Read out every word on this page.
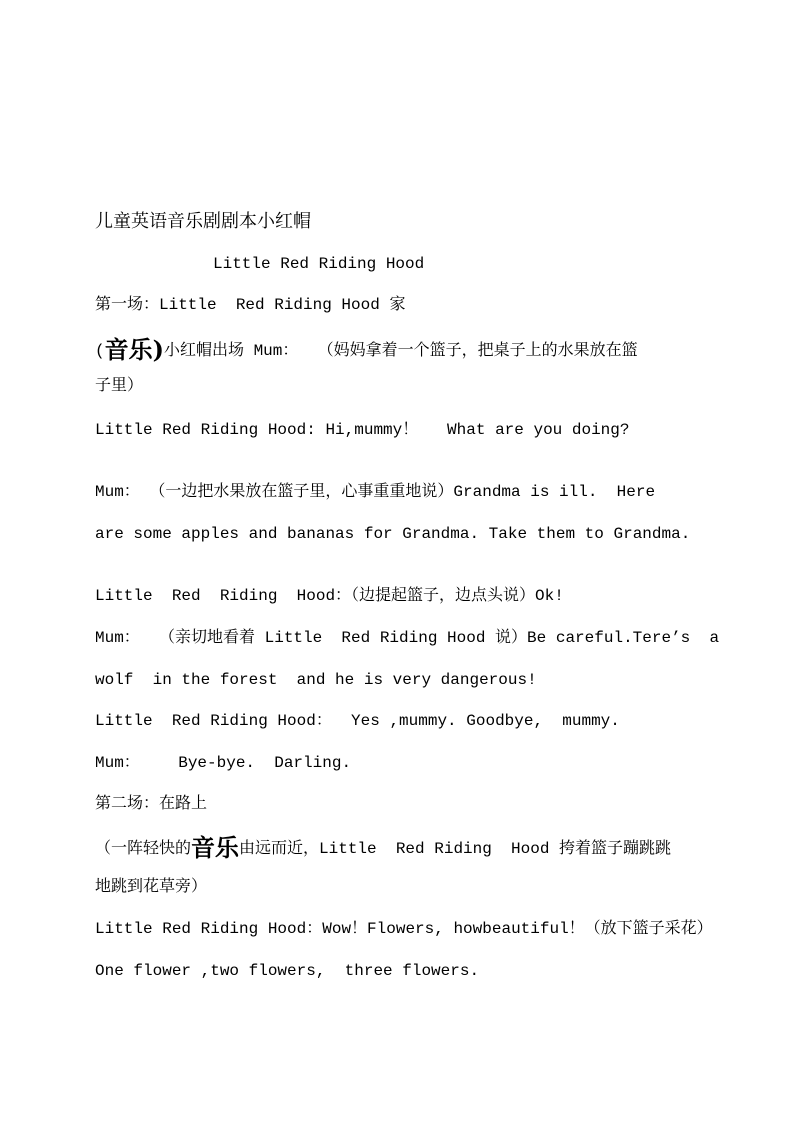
儿童英语音乐剧剧本小红帽
Little Red Riding Hood
第一场：Little  Red Riding Hood 家
(音乐)小红帽出场 Mum：  （妈妈拿着一个篮子，把桌子上的水果放在篮
子里）
Little Red Riding Hood: Hi,mummy！   What are you doing?
Mum： （一边把水果放在篮子里，心事重重地说）Grandma is ill.  Here
are some apples and bananas for Grandma. Take them to Grandma.
Little  Red  Riding  Hood：（边提起篮子，边点头说）Ok!
Mum：  （亲切地看着 Little  Red Riding Hood 说）Be careful.Tere’s  a
wolf  in the forest  and he is very dangerous!
Little  Red Riding Hood：  Yes ,mummy. Goodbye,  mummy.
Mum：    Bye-bye.  Darling.
第二场：在路上
（一阵轻快的音乐由远而近，Little  Red Riding  Hood 挎着篮子蹦跳跳
地跳到花草旁）
Little Red Riding Hood：Wow！Flowers, howbeautiful！（放下篮子采花）
One flower ,two flowers,  three flowers.
